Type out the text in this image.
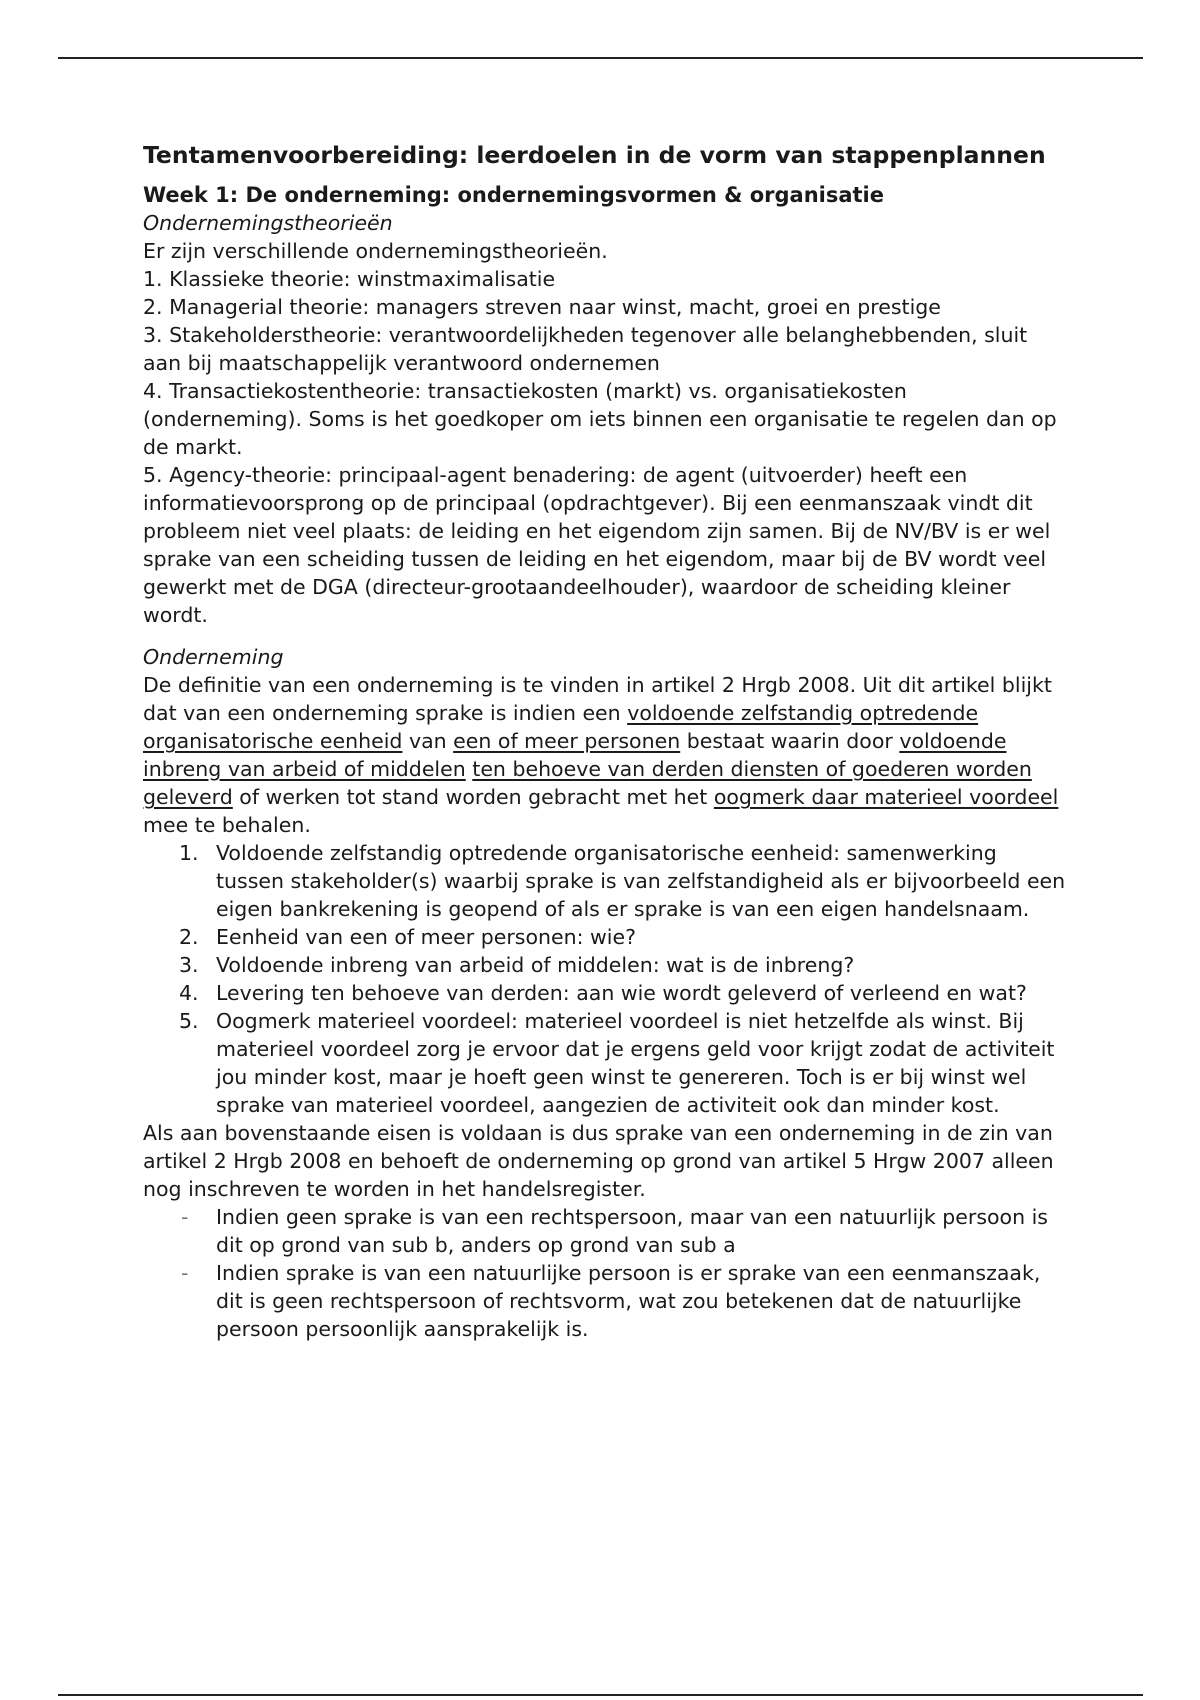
Tentamenvoorbereiding: leerdoelen in de vorm van stappenplannen
Week 1: De onderneming: ondernemingsvormen & organisatie

Ondernemingstheorieën

Er zijn verschillende ondernemingstheorieën.

1. Klassieke theorie: winstmaximalisatie

2. Managerial theorie: managers streven naar winst, macht, groei en prestige

3. Stakeholderstheorie: verantwoordelijkheden tegenover alle belanghebbenden, sluit aan bij maatschappelijk verantwoord ondernemen

4. Transactiekostentheorie: transactiekosten (markt) vs. organisatiekosten (onderneming). Soms is het goedkoper om iets binnen een organisatie te regelen dan op de markt.

5. Agency-theorie: principaal-agent benadering: de agent (uitvoerder) heeft een informatievoorsprong op de principaal (opdrachtgever). Bij een eenmanszaak vindt dit probleem niet veel plaats: de leiding en het eigendom zijn samen. Bij de NV/BV is er wel sprake van een scheiding tussen de leiding en het eigendom, maar bij de BV wordt veel gewerkt met de DGA (directeur-grootaandeelhouder), waardoor de scheiding kleiner wordt.

Onderneming

De definitie van een onderneming is te vinden in artikel 2 Hrgb 2008. Uit dit artikel blijkt dat van een onderneming sprake is indien een voldoende zelfstandig optredende organisatorische eenheid van een of meer personen bestaat waarin door voldoende inbreng van arbeid of middelen ten behoeve van derden diensten of goederen worden geleverd of werken tot stand worden gebracht met het oogmerk daar materieel voordeel mee te behalen.

1. Voldoende zelfstandig optredende organisatorische eenheid: samenwerking tussen stakeholder(s) waarbij sprake is van zelfstandigheid als er bijvoorbeeld een eigen bankrekening is geopend of als er sprake is van een eigen handelsnaam.
2. Eenheid van een of meer personen: wie?
3. Voldoende inbreng van arbeid of middelen: wat is de inbreng?
4. Levering ten behoeve van derden: aan wie wordt geleverd of verleend en wat?
5. Oogmerk materieel voordeel: materieel voordeel is niet hetzelfde als winst. Bij materieel voordeel zorg je ervoor dat je ergens geld voor krijgt zodat de activiteit jou minder kost, maar je hoeft geen winst te genereren. Toch is er bij winst wel sprake van materieel voordeel, aangezien de activiteit ook dan minder kost.

Als aan bovenstaande eisen is voldaan is dus sprake van een onderneming in de zin van artikel 2 Hrgb 2008 en behoeft de onderneming op grond van artikel 5 Hrgw 2007 alleen nog inschreven te worden in het handelsregister.

-	Indien geen sprake is van een rechtspersoon, maar van een natuurlijk persoon is dit op grond van sub b, anders op grond van sub a
-	Indien sprake is van een natuurlijke persoon is er sprake van een eenmanszaak, dit is geen rechtspersoon of rechtsvorm, wat zou betekenen dat de natuurlijke persoon persoonlijk aansprakelijk is.
